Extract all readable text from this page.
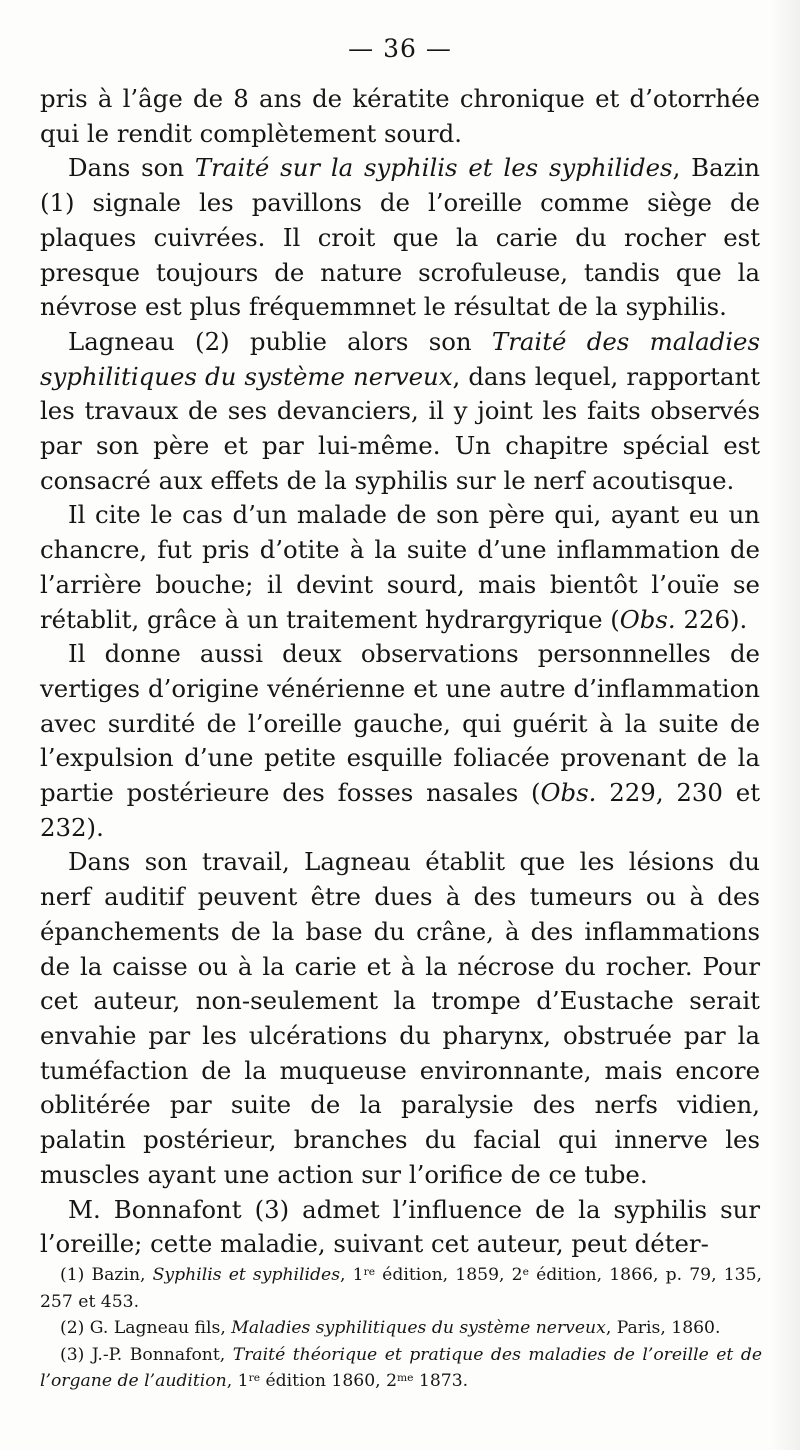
— 36 —

pris à l’âge de 8 ans de kératite chronique et d’otorrhée qui le rendit complètement sourd.

Dans son Traité sur la syphilis et les syphilides, Bazin (1) signale les pavillons de l’oreille comme siège de plaques cuivrées. Il croit que la carie du rocher est presque toujours de nature scrofuleuse, tandis que la névrose est plus fréquemmnet le résultat de la syphilis.

Lagneau (2) publie alors son Traité des maladies syphilitiques du système nerveux, dans lequel, rapportant les travaux de ses devanciers, il y joint les faits observés par son père et par lui-même. Un chapitre spécial est consacré aux effets de la syphilis sur le nerf acoutisque.

Il cite le cas d’un malade de son père qui, ayant eu un chancre, fut pris d’otite à la suite d’une inflammation de l’arrière bouche; il devint sourd, mais bientôt l’ouïe se rétablit, grâce à un traitement hydrargyrique (Obs. 226).

Il donne aussi deux observations personnnelles de vertiges d’origine vénérienne et une autre d’inflammation avec surdité de l’oreille gauche, qui guérit à la suite de l’expulsion d’une petite esquille foliacée provenant de la partie postérieure des fosses nasales (Obs. 229, 230 et 232).

Dans son travail, Lagneau établit que les lésions du nerf auditif peuvent être dues à des tumeurs ou à des épanchements de la base du crâne, à des inflammations de la caisse ou à la carie et à la nécrose du rocher. Pour cet auteur, non-seulement la trompe d’Eustache serait envahie par les ulcérations du pharynx, obstruée par la tuméfaction de la muqueuse environnante, mais encore oblitérée par suite de la paralysie des nerfs vidien, palatin postérieur, branches du facial qui innerve les muscles ayant une action sur l’orifice de ce tube.

M. Bonnafont (3) admet l’influence de la syphilis sur l’oreille; cette maladie, suivant cet auteur, peut déter-

(1) Bazin, Syphilis et syphilides, 1re édition, 1859, 2e édition, 1866, p. 79, 135, 257 et 453.

(2) G. Lagneau fils, Maladies syphilitiques du système nerveux, Paris, 1860.

(3) J.-P. Bonnafont, Traité théorique et pratique des maladies de l’oreille et de l’organe de l’audition, 1re édition 1860, $2^{me}$ 1873.
